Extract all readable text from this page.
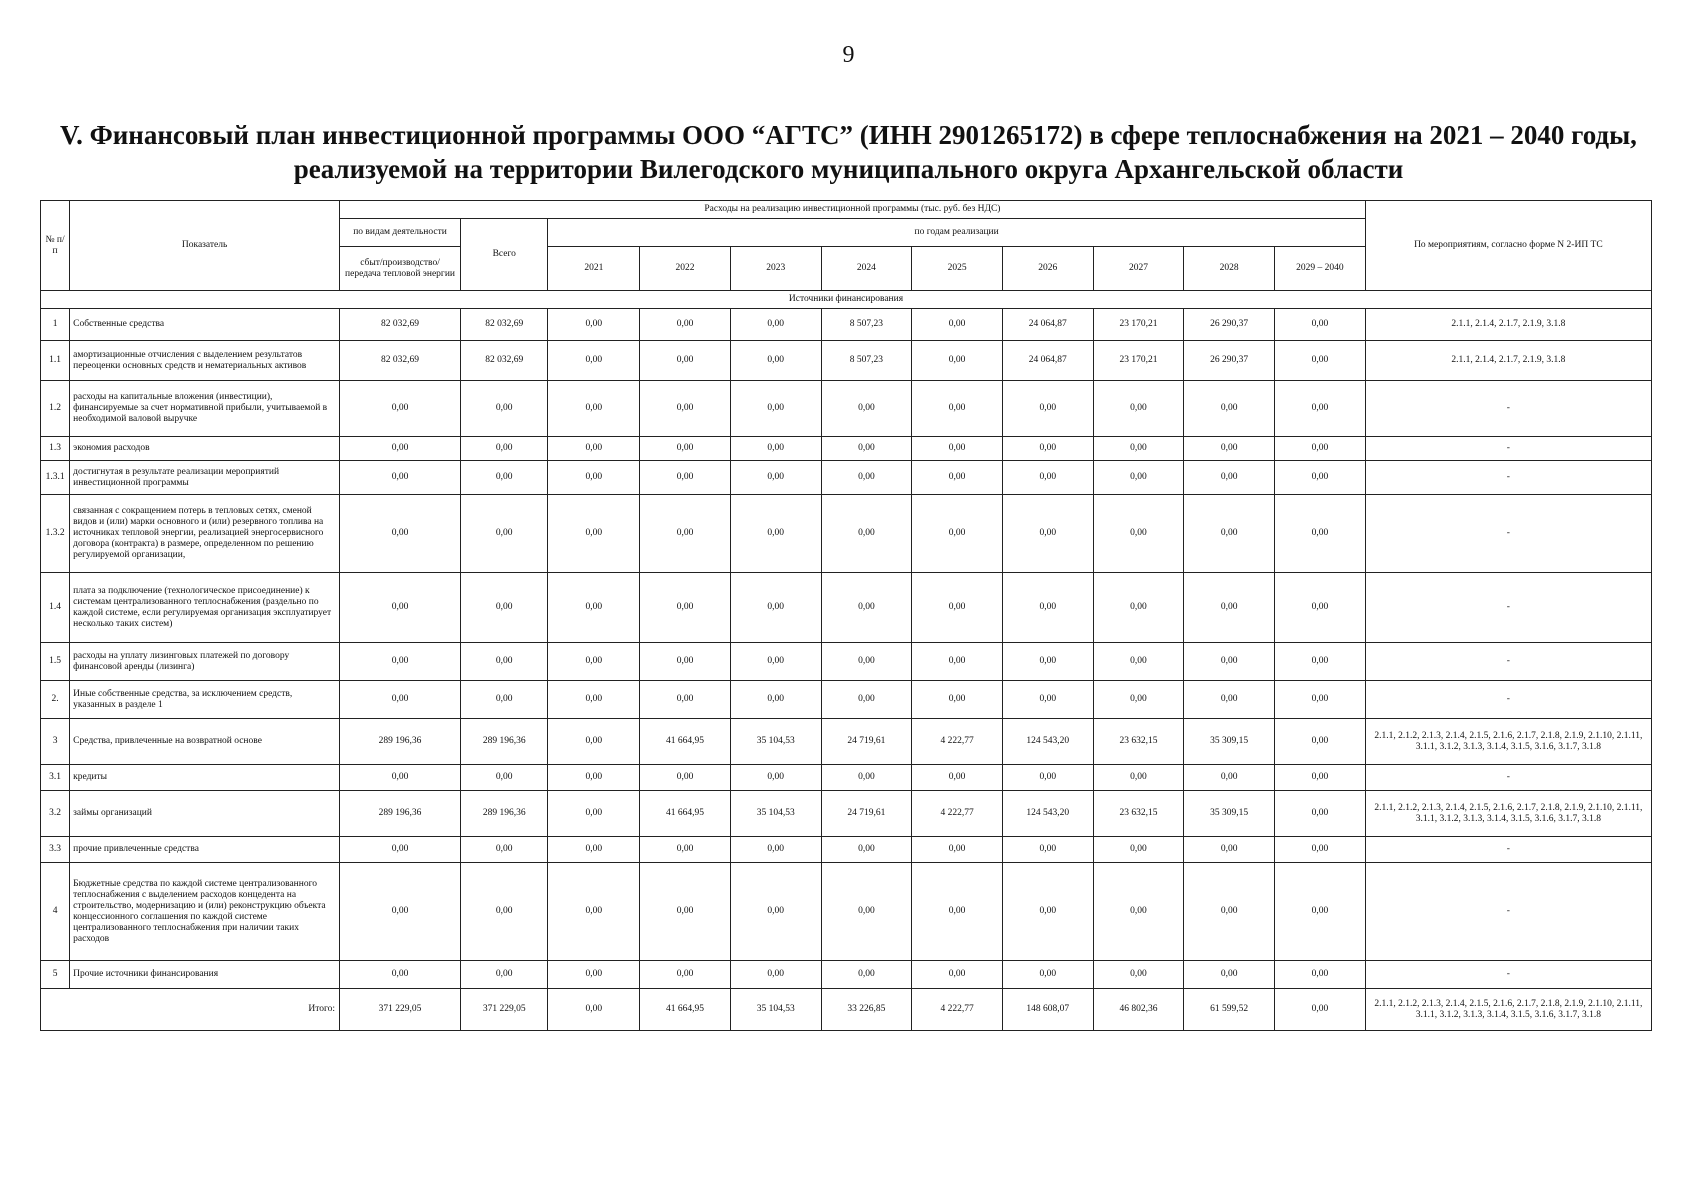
9
V. Финансовый план инвестиционной программы ООО “АГТС” (ИНН 2901265172) в сфере теплоснабжения на 2021 – 2040 годы,
реализуемой на территории Вилегодского муниципального округа Архангельской области
№ п/п	Показатель	Расходы на реализацию инвестиционной программы (тыс. руб. без НДС)											По мероприятиям, согласно форме N 2-ИП ТС
		по видам деятельности	Всего	по годам реализации									
		сбыт/производство/ передача тепловой энергии		2021	2022	2023	2024	2025	2026	2027	2028	2029 – 2040	
Источники финансирования													
1	Собственные средства	82 032,69	82 032,69	0,00	0,00	0,00	8 507,23	0,00	24 064,87	23 170,21	26 290,37	0,00	2.1.1, 2.1.4, 2.1.7, 2.1.9, 3.1.8
1.1	амортизационные отчисления с выделением результатов переоценки основных средств и нематериальных активов	82 032,69	82 032,69	0,00	0,00	0,00	8 507,23	0,00	24 064,87	23 170,21	26 290,37	0,00	2.1.1, 2.1.4, 2.1.7, 2.1.9, 3.1.8
1.2	расходы на капитальные вложения (инвестиции), финансируемые за счет нормативной прибыли, учитываемой в необходимой валовой выручке	0,00	0,00	0,00	0,00	0,00	0,00	0,00	0,00	0,00	0,00	0,00	-
1.3	экономия расходов	0,00	0,00	0,00	0,00	0,00	0,00	0,00	0,00	0,00	0,00	0,00	-
1.3.1	достигнутая в результате реализации мероприятий инвестиционной программы	0,00	0,00	0,00	0,00	0,00	0,00	0,00	0,00	0,00	0,00	0,00	-
1.3.2	связанная с сокращением потерь в тепловых сетях, сменой видов и (или) марки основного и (или) резервного топлива на источниках тепловой энергии, реализацией энергосервисного договора (контракта) в размере, определенном по решению регулируемой организации,	0,00	0,00	0,00	0,00	0,00	0,00	0,00	0,00	0,00	0,00	0,00	-
1.4	плата за подключение (технологическое присоединение) к системам централизованного теплоснабжения (раздельно по каждой системе, если регулируемая организация эксплуатирует несколько таких систем)	0,00	0,00	0,00	0,00	0,00	0,00	0,00	0,00	0,00	0,00	0,00	-
1.5	расходы на уплату лизинговых платежей по договору финансовой аренды (лизинга)	0,00	0,00	0,00	0,00	0,00	0,00	0,00	0,00	0,00	0,00	0,00	-
2.	Иные собственные средства, за исключением средств, указанных в разделе 1	0,00	0,00	0,00	0,00	0,00	0,00	0,00	0,00	0,00	0,00	0,00	-
3	Средства, привлеченные на возвратной основе	289 196,36	289 196,36	0,00	41 664,95	35 104,53	24 719,61	4 222,77	124 543,20	23 632,15	35 309,15	0,00	2.1.1, 2.1.2, 2.1.3, 2.1.4, 2.1.5, 2.1.6, 2.1.7, 2.1.8, 2.1.9, 2.1.10, 2.1.11, 3.1.1, 3.1.2, 3.1.3, 3.1.4, 3.1.5, 3.1.6, 3.1.7, 3.1.8
3.1	кредиты	0,00	0,00	0,00	0,00	0,00	0,00	0,00	0,00	0,00	0,00	0,00	-
3.2	займы организаций	289 196,36	289 196,36	0,00	41 664,95	35 104,53	24 719,61	4 222,77	124 543,20	23 632,15	35 309,15	0,00	2.1.1, 2.1.2, 2.1.3, 2.1.4, 2.1.5, 2.1.6, 2.1.7, 2.1.8, 2.1.9, 2.1.10, 2.1.11, 3.1.1, 3.1.2, 3.1.3, 3.1.4, 3.1.5, 3.1.6, 3.1.7, 3.1.8
3.3	прочие привлеченные средства	0,00	0,00	0,00	0,00	0,00	0,00	0,00	0,00	0,00	0,00	0,00	-
4	Бюджетные средства по каждой системе централизованного теплоснабжения с выделением расходов концедента на строительство, модернизацию и (или) реконструкцию объекта концессионного соглашения по каждой системе централизованного теплоснабжения при наличии таких расходов	0,00	0,00	0,00	0,00	0,00	0,00	0,00	0,00	0,00	0,00	0,00	-
5	Прочие источники финансирования	0,00	0,00	0,00	0,00	0,00	0,00	0,00	0,00	0,00	0,00	0,00	-
Итого:		371 229,05	371 229,05	0,00	41 664,95	35 104,53	33 226,85	4 222,77	148 608,07	46 802,36	61 599,52	0,00	2.1.1, 2.1.2, 2.1.3, 2.1.4, 2.1.5, 2.1.6, 2.1.7, 2.1.8, 2.1.9, 2.1.10, 2.1.11, 3.1.1, 3.1.2, 3.1.3, 3.1.4, 3.1.5, 3.1.6, 3.1.7, 3.1.8
